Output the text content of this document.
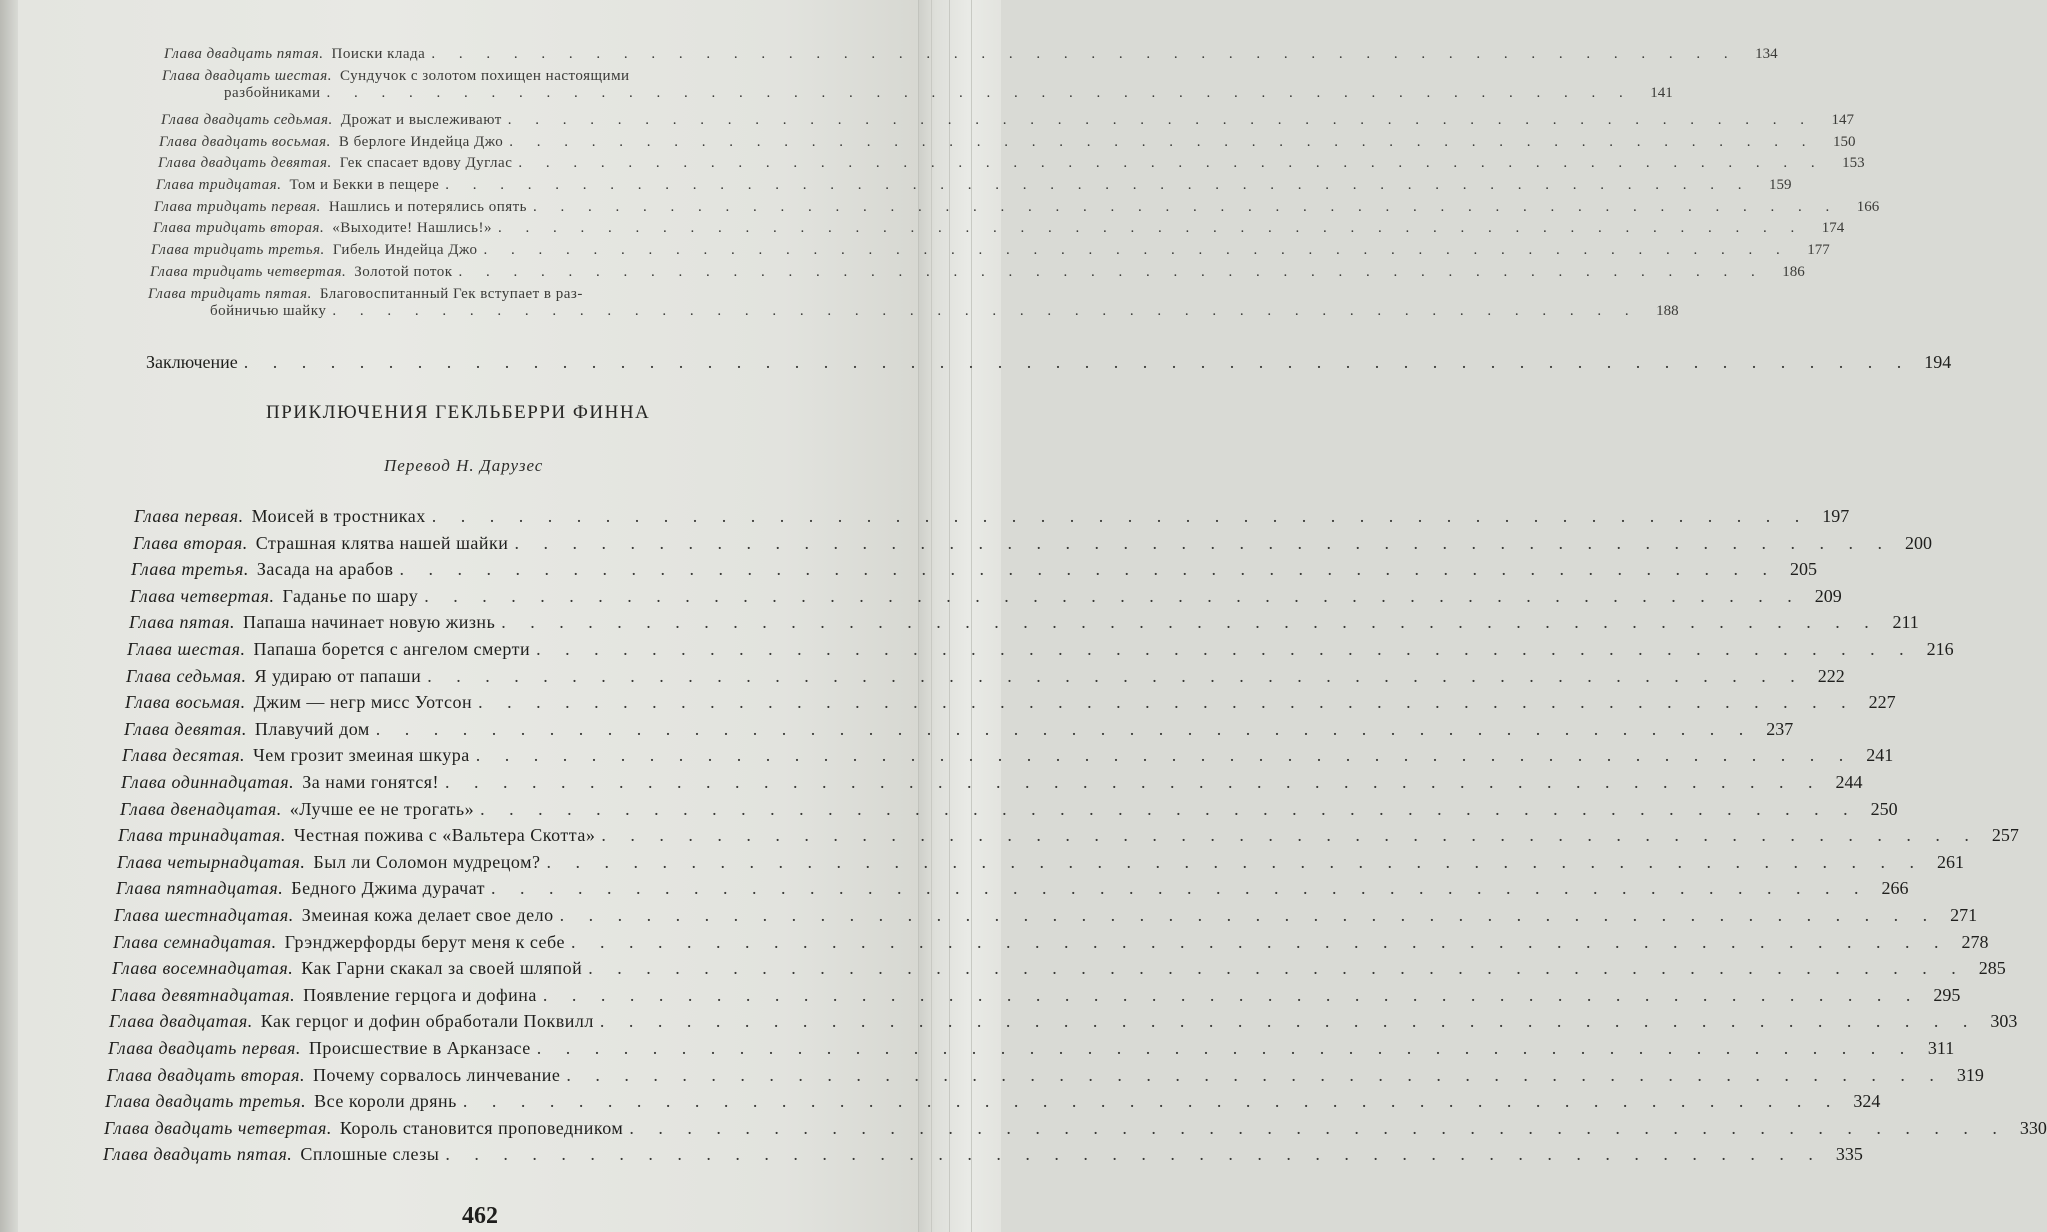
Глава двадцать пятая. Поиски клада . . . . . . . . . . . . . . . . . . . . . . . . . . . . . . . . . . . . . . . . . . . . . . . .	134
Глава двадцать шестая. Сундучок с золотом похищен настоящими
разбойниками . . . . . . . . . . . . . . . . . . . . . . . . . . . . . . . . . . . . . . . . . . . . . . . .	141
Глава двадцать седьмая. Дрожат и выслеживают . . . . . . . . . . . . . . . . . . . . . . . . . . . . . . . . . . . . . . . . . . . . . . . .	147
Глава двадцать восьмая. В берлоге Индейца Джо . . . . . . . . . . . . . . . . . . . . . . . . . . . . . . . . . . . . . . . . . . . . . . . .	150
Глава двадцать девятая. Гек спасает вдову Дуглас . . . . . . . . . . . . . . . . . . . . . . . . . . . . . . . . . . . . . . . . . . . . . . . .	153
Глава тридцатая. Том и Бекки в пещере . . . . . . . . . . . . . . . . . . . . . . . . . . . . . . . . . . . . . . . . . . . . . . . .	159
Глава тридцать первая. Нашлись и потерялись опять . . . . . . . . . . . . . . . . . . . . . . . . . . . . . . . . . . . . . . . . . . . . . . . .	166
Глава тридцать вторая. «Выходите! Нашлись!» . . . . . . . . . . . . . . . . . . . . . . . . . . . . . . . . . . . . . . . . . . . . . . . .	174
Глава тридцать третья. Гибель Индейца Джо . . . . . . . . . . . . . . . . . . . . . . . . . . . . . . . . . . . . . . . . . . . . . . . .	177
Глава тридцать четвертая. Золотой поток . . . . . . . . . . . . . . . . . . . . . . . . . . . . . . . . . . . . . . . . . . . . . . . .	186
Глава тридцать пятая. Благовоспитанный Гек вступает в раз-
бойничью шайку . . . . . . . . . . . . . . . . . . . . . . . . . . . . . . . . . . . . . . . . . . . . . . . .	188
Заключение . . . . . . . . . . . . . . . . . . . . . . . . . . . . . . . . . . . . . . . . . . . . . . . . . . . . . . . . . . 194
ПРИКЛЮЧЕНИЯ ГЕКЛЬБЕРРИ ФИННА
Перевод Н. Дарузес
Глава первая. Моисей в тростниках . . . . . . . . . . . . . . . . . . . . . . . . . . . . . . . . . . . . . . . . . . . . . . . . 197
Глава вторая. Страшная клятва нашей шайки . . . . . . . . . . . . . . . . . . . . . . . . . . . . . . . . . . . . . . . . . . . . . . . . 200
Глава третья. Засада на арабов . . . . . . . . . . . . . . . . . . . . . . . . . . . . . . . . . . . . . . . . . . . . . . . . 205
Глава четвертая. Гаданье по шару . . . . . . . . . . . . . . . . . . . . . . . . . . . . . . . . . . . . . . . . . . . . . . . . 209
Глава пятая. Папаша начинает новую жизнь . . . . . . . . . . . . . . . . . . . . . . . . . . . . . . . . . . . . . . . . . . . . . . . . 211
Глава шестая. Папаша борется с ангелом смерти . . . . . . . . . . . . . . . . . . . . . . . . . . . . . . . . . . . . . . . . . . . . . . . . 216
Глава седьмая. Я удираю от папаши . . . . . . . . . . . . . . . . . . . . . . . . . . . . . . . . . . . . . . . . . . . . . . . . 222
Глава восьмая. Джим — негр мисс Уотсон . . . . . . . . . . . . . . . . . . . . . . . . . . . . . . . . . . . . . . . . . . . . . . . . 227
Глава девятая. Плавучий дом . . . . . . . . . . . . . . . . . . . . . . . . . . . . . . . . . . . . . . . . . . . . . . . . 237
Глава десятая. Чем грозит змеиная шкура . . . . . . . . . . . . . . . . . . . . . . . . . . . . . . . . . . . . . . . . . . . . . . . . 241
Глава одиннадцатая. За нами гонятся! . . . . . . . . . . . . . . . . . . . . . . . . . . . . . . . . . . . . . . . . . . . . . . . . 244
Глава двенадцатая. «Лучше ее не трогать» . . . . . . . . . . . . . . . . . . . . . . . . . . . . . . . . . . . . . . . . . . . . . . . . 250
Глава тринадцатая. Честная пожива с «Вальтера Скотта» . . . . . . . . . . . . . . . . . . . . . . . . . . . . . . . . . . . . . . . . . . . . . . . . 257
Глава четырнадцатая. Был ли Соломон мудрецом? . . . . . . . . . . . . . . . . . . . . . . . . . . . . . . . . . . . . . . . . . . . . . . . . 261
Глава пятнадцатая. Бедного Джима дурачат . . . . . . . . . . . . . . . . . . . . . . . . . . . . . . . . . . . . . . . . . . . . . . . . 266
Глава шестнадцатая. Змеиная кожа делает свое дело . . . . . . . . . . . . . . . . . . . . . . . . . . . . . . . . . . . . . . . . . . . . . . . . 271
Глава семнадцатая. Грэнджерфорды берут меня к себе . . . . . . . . . . . . . . . . . . . . . . . . . . . . . . . . . . . . . . . . . . . . . . . . 278
Глава восемнадцатая. Как Гарни скакал за своей шляпой . . . . . . . . . . . . . . . . . . . . . . . . . . . . . . . . . . . . . . . . . . . . . . . . 285
Глава девятнадцатая. Появление герцога и дофина . . . . . . . . . . . . . . . . . . . . . . . . . . . . . . . . . . . . . . . . . . . . . . . . 295
Глава двадцатая. Как герцог и дофин обработали Поквилл . . . . . . . . . . . . . . . . . . . . . . . . . . . . . . . . . . . . . . . . . . . . . . . . 303
Глава двадцать первая. Происшествие в Арканзасе . . . . . . . . . . . . . . . . . . . . . . . . . . . . . . . . . . . . . . . . . . . . . . . . 311
Глава двадцать вторая. Почему сорвалось линчевание . . . . . . . . . . . . . . . . . . . . . . . . . . . . . . . . . . . . . . . . . . . . . . . . 319
Глава двадцать третья. Все короли дрянь . . . . . . . . . . . . . . . . . . . . . . . . . . . . . . . . . . . . . . . . . . . . . . . . 324
Глава двадцать четвертая. Король становится проповедником . . . . . . . . . . . . . . . . . . . . . . . . . . . . . . . . . . . . . . . . . . . . . . . . 330
Глава двадцать пятая. Сплошные слезы . . . . . . . . . . . . . . . . . . . . . . . . . . . . . . . . . . . . . . . . . . . . . . . . 335
462
